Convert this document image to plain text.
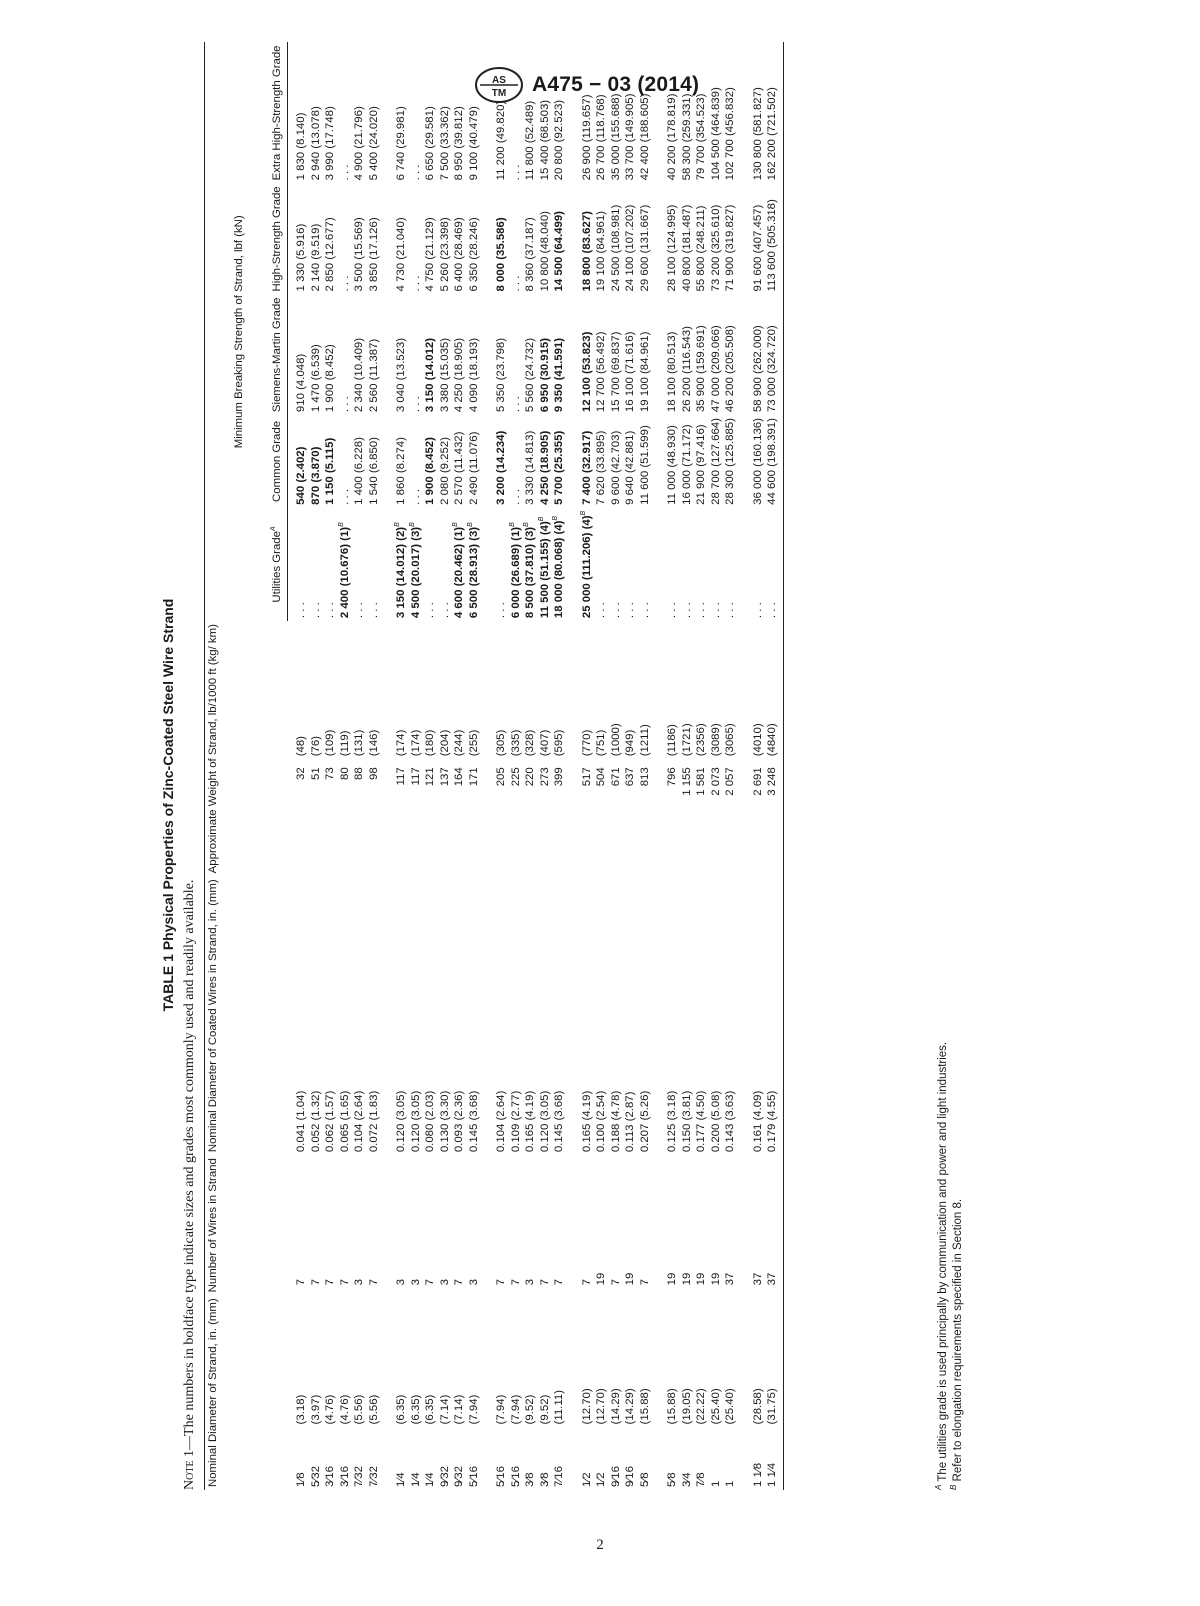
AS
TM A475 − 03 (2014)
TABLE 1 Physical Properties of Zinc-Coated Steel Wire Strand
Note 1—The numbers in boldface type indicate sizes and grades most commonly used and readily available. Nominal Diameter of Strand, in. (mm)		Number of Wires in Strand	Nominal Diameter of Coated Wires in Strand, in. (mm)	Approximate Weight of Strand, lb/1000 ft (kg/ km)		Minimum Breaking Strength of Strand, lbf (kN)				
						Utilities Grade$^A$	Common Grade	Siemens-Martin Grade	High-Strength Grade	Extra High-Strength Grade
1⁄8	(3.18)	7	0.041 (1.04)	32	(48)	. . .	540 (2.402)	910 (4.048)	1 330 (5.916)	1 830 (8.140)
5⁄32	(3.97)	7	0.052 (1.32)	51	(76)	. . .	870 (3.870)	1 470 (6.539)	2 140 (9.519)	2 940 (13.078)
3⁄16	(4.76)	7	0.062 (1.57)	73	(109)	. . .	1 150 (5.115)	1 900 (8.452)	2 850 (12.677)	3 990 (17.748)
3⁄16	(4.76)	7	0.065 (1.65)	80	(119)	2 400 (10.676) $(1)^B$	. . .	. . .	. . .	. . .
7⁄32	(5.56)	3	0.104 (2.64)	88	(131)	. . .	1 400 (6.228)	2 340 (10.409)	3 500 (15.569)	4 900 (21.796)
7⁄32	(5.56)	7	0.072 (1.83)	98	(146)	. . .	1 540 (6.850)	2 560 (11.387)	3 850 (17.126)	5 400 (24.020)
1⁄4	(6.35)	3	0.120 (3.05)	117	(174)	3 150 (14.012) $(2)^B$	1 860 (8.274)	3 040 (13.523)	4 730 (21.040)	6 740 (29.981)
1⁄4	(6.35)	3	0.120 (3.05)	117	(174)	4 500 (20.017) $(3)^B$	. . .	. . .	. . .	. . .
1⁄4	(6.35)	7	0.080 (2.03)	121	(180)	. . .	1 900 (8.452)	3 150 (14.012)	4 750 (21.129)	6 650 (29.581)
9⁄32	(7.14)	3	0.130 (3.30)	137	(204)	. . .	2 080 (9.252)	3 380 (15.035)	5 260 (23.398)	7 500 (33.362)
9⁄32	(7.14)	7	0.093 (2.36)	164	(244)	4 600 (20.462) $(1)^B$	2 570 (11.432)	4 250 (18.905)	6 400 (28.469)	8 950 (39.812)
5⁄16	(7.94)	3	0.145 (3.68)	171	(255)	6 500 (28.913) $(3)^B$	2 490 (11.076)	4 090 (18.193)	6 350 (28.246)	9 100 (40.479)
5⁄16	(7.94)	7	0.104 (2.64)	205	(305)	. . .	3 200 (14.234)	5 350 (23.798)	8 000 (35.586)	11 200 (49.820)
5⁄16	(7.94)	7	0.109 (2.77)	225	(335)	6 000 (26.689) $(1)^B$	. . .	. . .	. . .	. . .
3⁄8	(9.52)	3	0.165 (4.19)	220	(328)	8 500 (37.810) $(3)^B$	3 330 (14.813)	5 560 (24.732)	8 360 (37.187)	11 800 (52.489)
3⁄8	(9.52)	7	0.120 (3.05)	273	(407)	11 500 (51.155) $(4)^B$	4 250 (18.905)	6 950 (30.915)	10 800 (48.040)	15 400 (68.503)
7⁄16	(11.11)	7	0.145 (3.68)	399	(595)	18 000 (80.068) $(4)^B$	5 700 (25.355)	9 350 (41.591)	14 500 (64.499)	20 800 (92.523)
1⁄2	(12.70)	7	0.165 (4.19)	517	(770)	25 000 (111.206) $(4)^B$	7 400 (32.917)	12 100 (53.823)	18 800 (83.627)	26 900 (119.657)
1⁄2	(12.70)	19	0.100 (2.54)	504	(751)	. . .	7 620 (33.895)	12 700 (56.492)	19 100 (84.961)	26 700 (118.768)
9⁄16	(14.29)	7	0.188 (4.78)	671	(1000)	. . .	9 600 (42.703)	15 700 (69.837)	24 500 (108.981)	35 000 (155.688)
9⁄16	(14.29)	19	0.113 (2.87)	637	(949)	. . .	9 640 (42.881)	16 100 (71.616)	24 100 (107.202)	33 700 (149.905)
5⁄8	(15.88)	7	0.207 (5.26)	813	(1211)	. . .	11 600 (51.599)	19 100 (84.961)	29 600 (131.667)	42 400 (188.605)
5⁄8	(15.88)	19	0.125 (3.18)	796	(1186)	. . .	11 000 (48.930)	18 100 (80.513)	28 100 (124.995)	40 200 (178.819)
3⁄4	(19.05)	19	0.150 (3.81)	1 155	(1721)	. . .	16 000 (71.172)	26 200 (116.543)	40 800 (181.487)	58 300 (259.331)
7⁄8	(22.22)	19	0.177 (4.50)	1 581	(2356)	. . .	21 900 (97.416)	35 900 (159.691)	55 800 (248.211)	79 700 (354.523)
1	(25.40)	19	0.200 (5.08)	2 073	(3089)	. . .	28 700 (127.664)	47 000 (209.066)	73 200 (325.610)	104 500 (464.839)
1	(25.40)	37	0.143 (3.63)	2 057	(3065)	. . .	28 300 (125.885)	46 200 (205.508)	71 900 (319.827)	102 700 (456.832)
1 1⁄8	(28.58)	37	0.161 (4.09)	2 691	(4010)	. . .	36 000 (160.136)	58 900 (262.000)	91 600 (407.457)	130 800 (581.827)
1 1⁄4	(31.75)	37	0.179 (4.55)	3 248	(4840)	. . .	44 600 (198.391)	73 000 (324.720)	113 600 (505.318)	162 200 (721.502)
$^A$ The utilities grade is used principally by communication and power and light industries.
$^B$ Refer to elongation requirements specified in Section 8.
2
